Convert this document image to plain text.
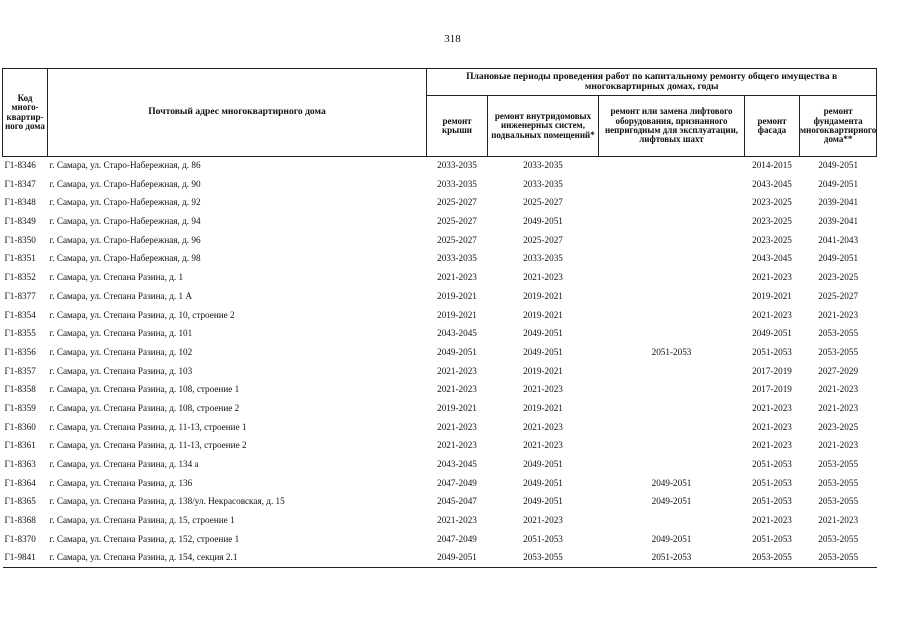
318
Код много-квартир-ного дома	Почтовый адрес многоквартирного дома	Плановые периоды проведения работ по капитальному ремонту общего имущества в многоквартирных домах, годы				
		ремонт крыши	ремонт внутридомовых инженерных систем, подвальных помещений*	ремонт или замена лифтового оборудования, признанного непригодным для эксплуатации, лифтовых шахт	ремонт фасада	ремонт фундамента многоквартирного дома**
Г1-8346	г. Самара, ул. Старо-Набережная, д. 86	2033-2035	2033-2035		2014-2015	2049-2051
Г1-8347	г. Самара, ул. Старо-Набережная, д. 90	2033-2035	2033-2035		2043-2045	2049-2051
Г1-8348	г. Самара, ул. Старо-Набережная, д. 92	2025-2027	2025-2027		2023-2025	2039-2041
Г1-8349	г. Самара, ул. Старо-Набережная, д. 94	2025-2027	2049-2051		2023-2025	2039-2041
Г1-8350	г. Самара, ул. Старо-Набережная, д. 96	2025-2027	2025-2027		2023-2025	2041-2043
Г1-8351	г. Самара, ул. Старо-Набережная, д. 98	2033-2035	2033-2035		2043-2045	2049-2051
Г1-8352	г. Самара, ул. Степана Разина, д. 1	2021-2023	2021-2023		2021-2023	2023-2025
Г1-8377	г. Самара, ул. Степана Разина, д. 1 А	2019-2021	2019-2021		2019-2021	2025-2027
Г1-8354	г. Самара, ул. Степана Разина, д. 10, строение 2	2019-2021	2019-2021		2021-2023	2021-2023
Г1-8355	г. Самара, ул. Степана Разина, д. 101	2043-2045	2049-2051		2049-2051	2053-2055
Г1-8356	г. Самара, ул. Степана Разина, д. 102	2049-2051	2049-2051	2051-2053	2051-2053	2053-2055
Г1-8357	г. Самара, ул. Степана Разина, д. 103	2021-2023	2019-2021		2017-2019	2027-2029
Г1-8358	г. Самара, ул. Степана Разина, д. 108, строение 1	2021-2023	2021-2023		2017-2019	2021-2023
Г1-8359	г. Самара, ул. Степана Разина, д. 108, строение 2	2019-2021	2019-2021		2021-2023	2021-2023
Г1-8360	г. Самара, ул. Степана Разина, д. 11-13, строение 1	2021-2023	2021-2023		2021-2023	2023-2025
Г1-8361	г. Самара, ул. Степана Разина, д. 11-13, строение 2	2021-2023	2021-2023		2021-2023	2021-2023
Г1-8363	г. Самара, ул. Степана Разина, д. 134 а	2043-2045	2049-2051		2051-2053	2053-2055
Г1-8364	г. Самара, ул. Степана Разина, д. 136	2047-2049	2049-2051	2049-2051	2051-2053	2053-2055
Г1-8365	г. Самара, ул. Степана Разина, д. 138/ул. Некрасовская, д. 15	2045-2047	2049-2051	2049-2051	2051-2053	2053-2055
Г1-8368	г. Самара, ул. Степана Разина, д. 15, строение 1	2021-2023	2021-2023		2021-2023	2021-2023
Г1-8370	г. Самара, ул. Степана Разина, д. 152, строение 1	2047-2049	2051-2053	2049-2051	2051-2053	2053-2055
Г1-9841	г. Самара, ул. Степана Разина, д. 154, секция 2.1	2049-2051	2053-2055	2051-2053	2053-2055	2053-2055
